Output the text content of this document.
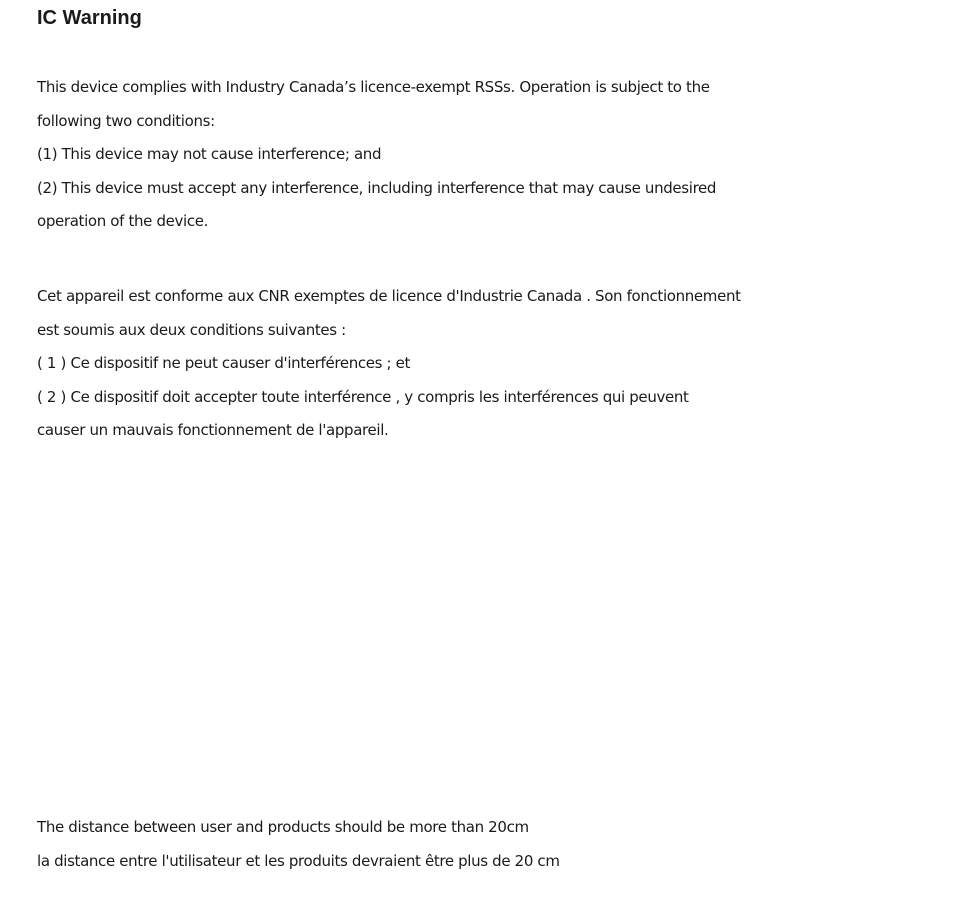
IC Warning
This device complies with Industry Canada’s licence-exempt RSSs. Operation is subject to the
following two conditions:
(1) This device may not cause interference; and
(2) This device must accept any interference, including interference that may cause undesired
operation of the device.
Cet appareil est conforme aux CNR exemptes de licence d'Industrie Canada . Son fonctionnement
est soumis aux deux conditions suivantes :
( 1 ) Ce dispositif ne peut causer d'interférences ; et
( 2 ) Ce dispositif doit accepter toute interférence , y compris les interférences qui peuvent
causer un mauvais fonctionnement de l'appareil.
The distance between user and products should be more than 20cm
la distance entre l'utilisateur et les produits devraient être plus de 20 cm
